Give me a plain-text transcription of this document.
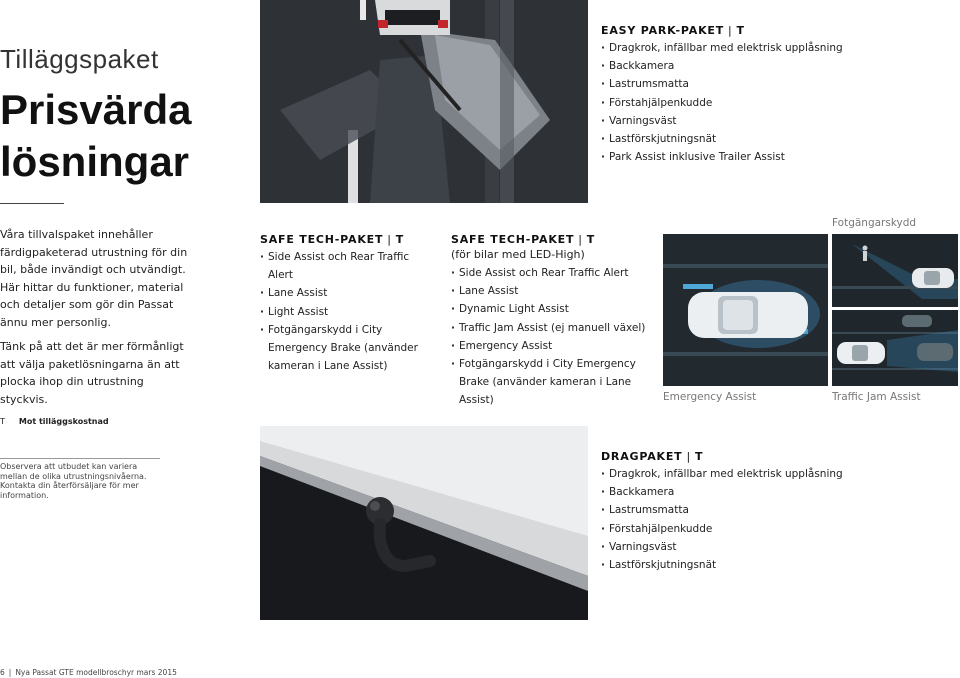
Tilläggspaket
Prisvärda
lösningar

Våra tillvalspaket innehåller färdigpaketerad utrustning för din bil, både invändigt och utvändigt. Här hittar du funktioner, material och detaljer som gör din Passat ännu mer personlig.

Tänk på att det är mer förmånligt att välja paketlösningarna än att plocka ihop din utrustning styckvis.

T Mot tilläggskostnad
Observera att utbudet kan variera mellan de olika utrustningsnivåerna. Kontakta din återförsäljare för mer information.
6 | Nya Passat GTE modellbroschyr mars 2015
EASY PARK-PAKET | T
· Dragkrok, infällbar med elektrisk upplåsning
· Backkamera
· Lastrumsmatta
· Förstahjälpenkudde
· Varningsväst
· Lastförskjutningsnät
· Park Assist inklusive Trailer Assist
SAFE TECH-PAKET | T
· Side Assist och Rear Traffic Alert
· Lane Assist
· Light Assist
· Fotgängarskydd i City Emergency Brake (använder kameran i Lane Assist)
SAFE TECH-PAKET | T
(för bilar med LED-High)
· Side Assist och Rear Traffic Alert
· Lane Assist
· Dynamic Light Assist
· Traffic Jam Assist (ej manuell växel)
· Emergency Assist
· Fotgängarskydd i City Emergency Brake (använder kameran i Lane Assist)
Fotgängarskydd
Emergency Assist	Traffic Jam Assist
DRAGPAKET | T
· Dragkrok, infällbar med elektrisk upplåsning
· Backkamera
· Lastrumsmatta
· Förstahjälpenkudde
· Varningsväst
· Lastförskjutningsnät
